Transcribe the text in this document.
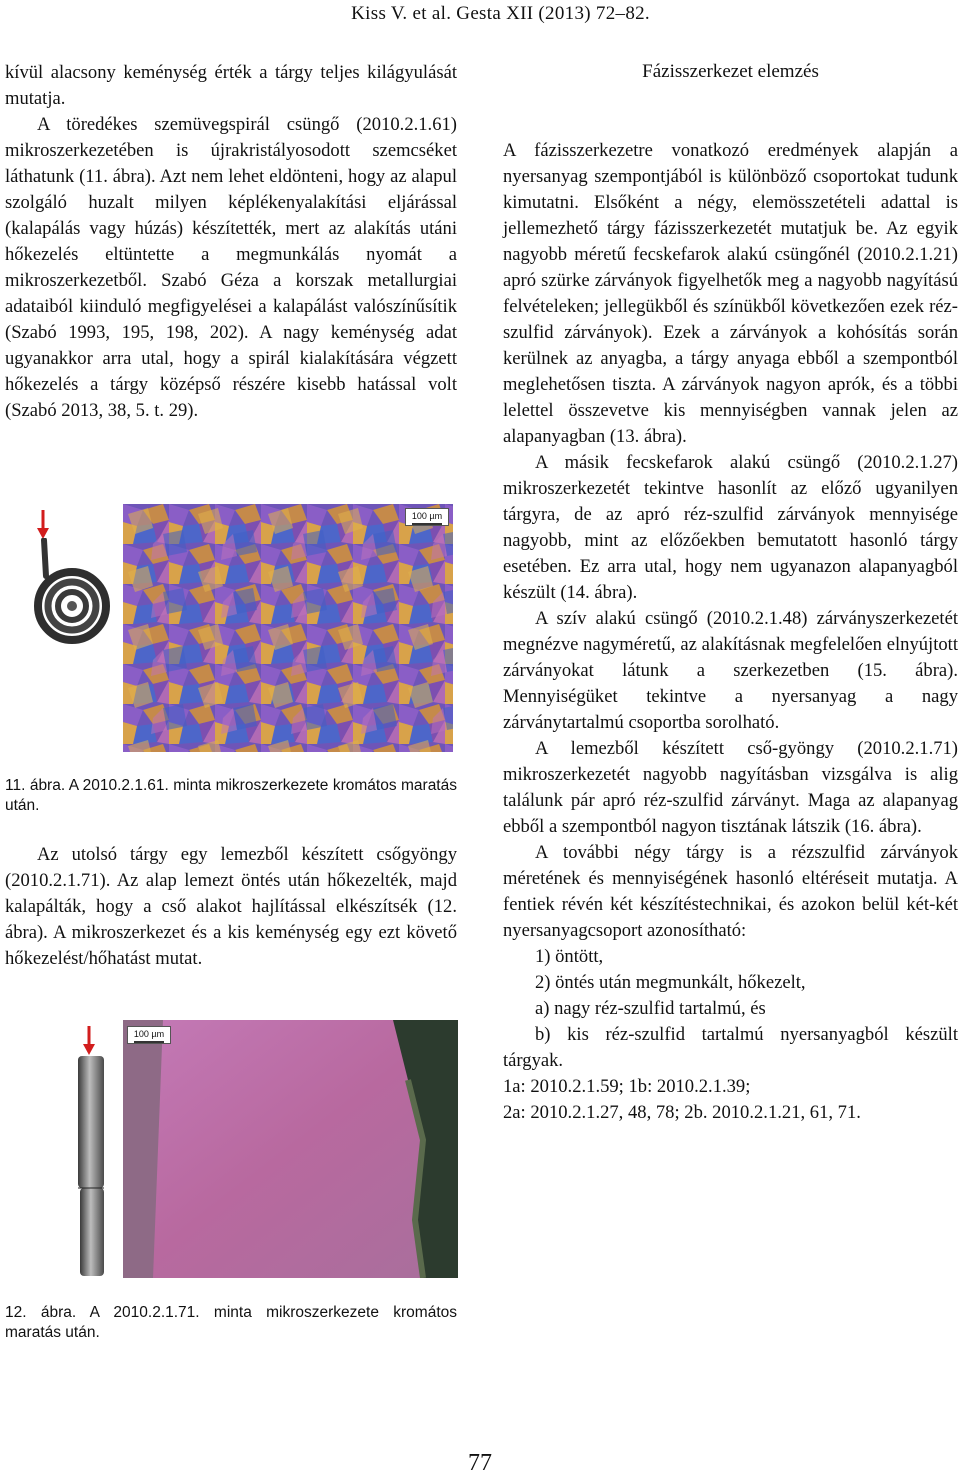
Kiss V. et al. Gesta XII (2013) 72–82.

kívül alacsony keménység érték a tárgy teljes kilágyulását mutatja.

A töredékes szemüvegspirál csüngő (2010.2.1.61) mikroszerkezetében is újrakristályosodott szemcséket láthatunk (11. ábra). Azt nem lehet eldönteni, hogy az alapul szolgáló huzalt milyen képlékenyalakítási eljárással (kalapálás vagy húzás) készítették, mert az alakítás utáni hőkezelés eltüntette a megmunkálás nyomát a mikroszerkezetből. Szabó Géza a korszak metallurgiai adataiból kiinduló megfigyelései a kalapálást valószínűsítik (Szabó 1993, 195, 198, 202). A nagy keménység adat ugyanakkor arra utal, hogy a spirál kialakítására végzett hőkezelés a tárgy középső részére kisebb hatással volt (Szabó 2013, 38, 5. t. 29).

100 µm
11. ábra. A 2010.2.1.61. minta mikroszerkezete kromátos maratás után.

Az utolsó tárgy egy lemezből készített csőgyöngy (2010.2.1.71). Az alap lemezt öntés után hőkezelték, majd kalapálták, hogy a cső alakot hajlítással elkészítsék (12. ábra). A mikroszerkezet és a kis keménység egy ezt követő hőkezelést/hőhatást mutat.

100 µm
12. ábra. A 2010.2.1.71. minta mikroszerkezete kromátos maratás után.
Fázisszerkezet elemzés

A fázisszerkezetre vonatkozó eredmények alapján a nyersanyag szempontjából is különböző csoportokat tudunk kimutatni. Elsőként a négy, elemösszetételi adattal is jellemezhető tárgy fázisszerkezetét mutatjuk be. Az egyik nagyobb méretű fecskefarok alakú csüngőnél (2010.2.1.21) apró szürke zárványok figyelhetők meg a nagyobb nagyítású felvételeken; jellegükből és színükből következően ezek réz-szulfid zárványok). Ezek a zárványok a kohósítás során kerülnek az anyagba, a tárgy anyaga ebből a szempontból meglehetősen tiszta. A zárványok nagyon aprók, és a többi lelettel összevetve kis mennyiségben vannak jelen az alapanyagban (13. ábra).

A másik fecskefarok alakú csüngő (2010.2.1.27) mikroszerkezetét tekintve hasonlít az előző ugyanilyen tárgyra, de az apró réz-szulfid zárványok mennyisége nagyobb, mint az előzőekben bemutatott hasonló tárgy esetében. Ez arra utal, hogy nem ugyanazon alapanyagból készült (14. ábra).

A szív alakú csüngő (2010.2.1.48) zárványszerkezetét megnézve nagyméretű, az alakításnak megfelelően elnyújtott zárványokat látunk a szerkezetben (15. ábra). Mennyiségüket tekintve a nyersanyag a nagy zárványtartalmú csoportba sorolható.

A lemezből készített cső-gyöngy (2010.2.1.71) mikroszerkezetét nagyobb nagyításban vizsgálva is alig találunk pár apró réz-szulfid zárványt. Maga az alapanyag ebből a szempontból nagyon tisztának látszik (16. ábra).

A további négy tárgy is a rézszulfid zárványok méretének és mennyiségének hasonló eltéréseit mutatja. A fentiek révén két készítéstechnikai, és azokon belül két-két nyersanyagcsoport azonosítható:

1) öntött,

2) öntés után megmunkált, hőkezelt,

a) nagy réz-szulfid tartalmú, és

b) kis réz-szulfid tartalmú nyersanyagból készült tárgyak.

1a: 2010.2.1.59; 1b: 2010.2.1.39;

2a: 2010.2.1.27, 48, 78; 2b. 2010.2.1.21, 61, 71.

77
